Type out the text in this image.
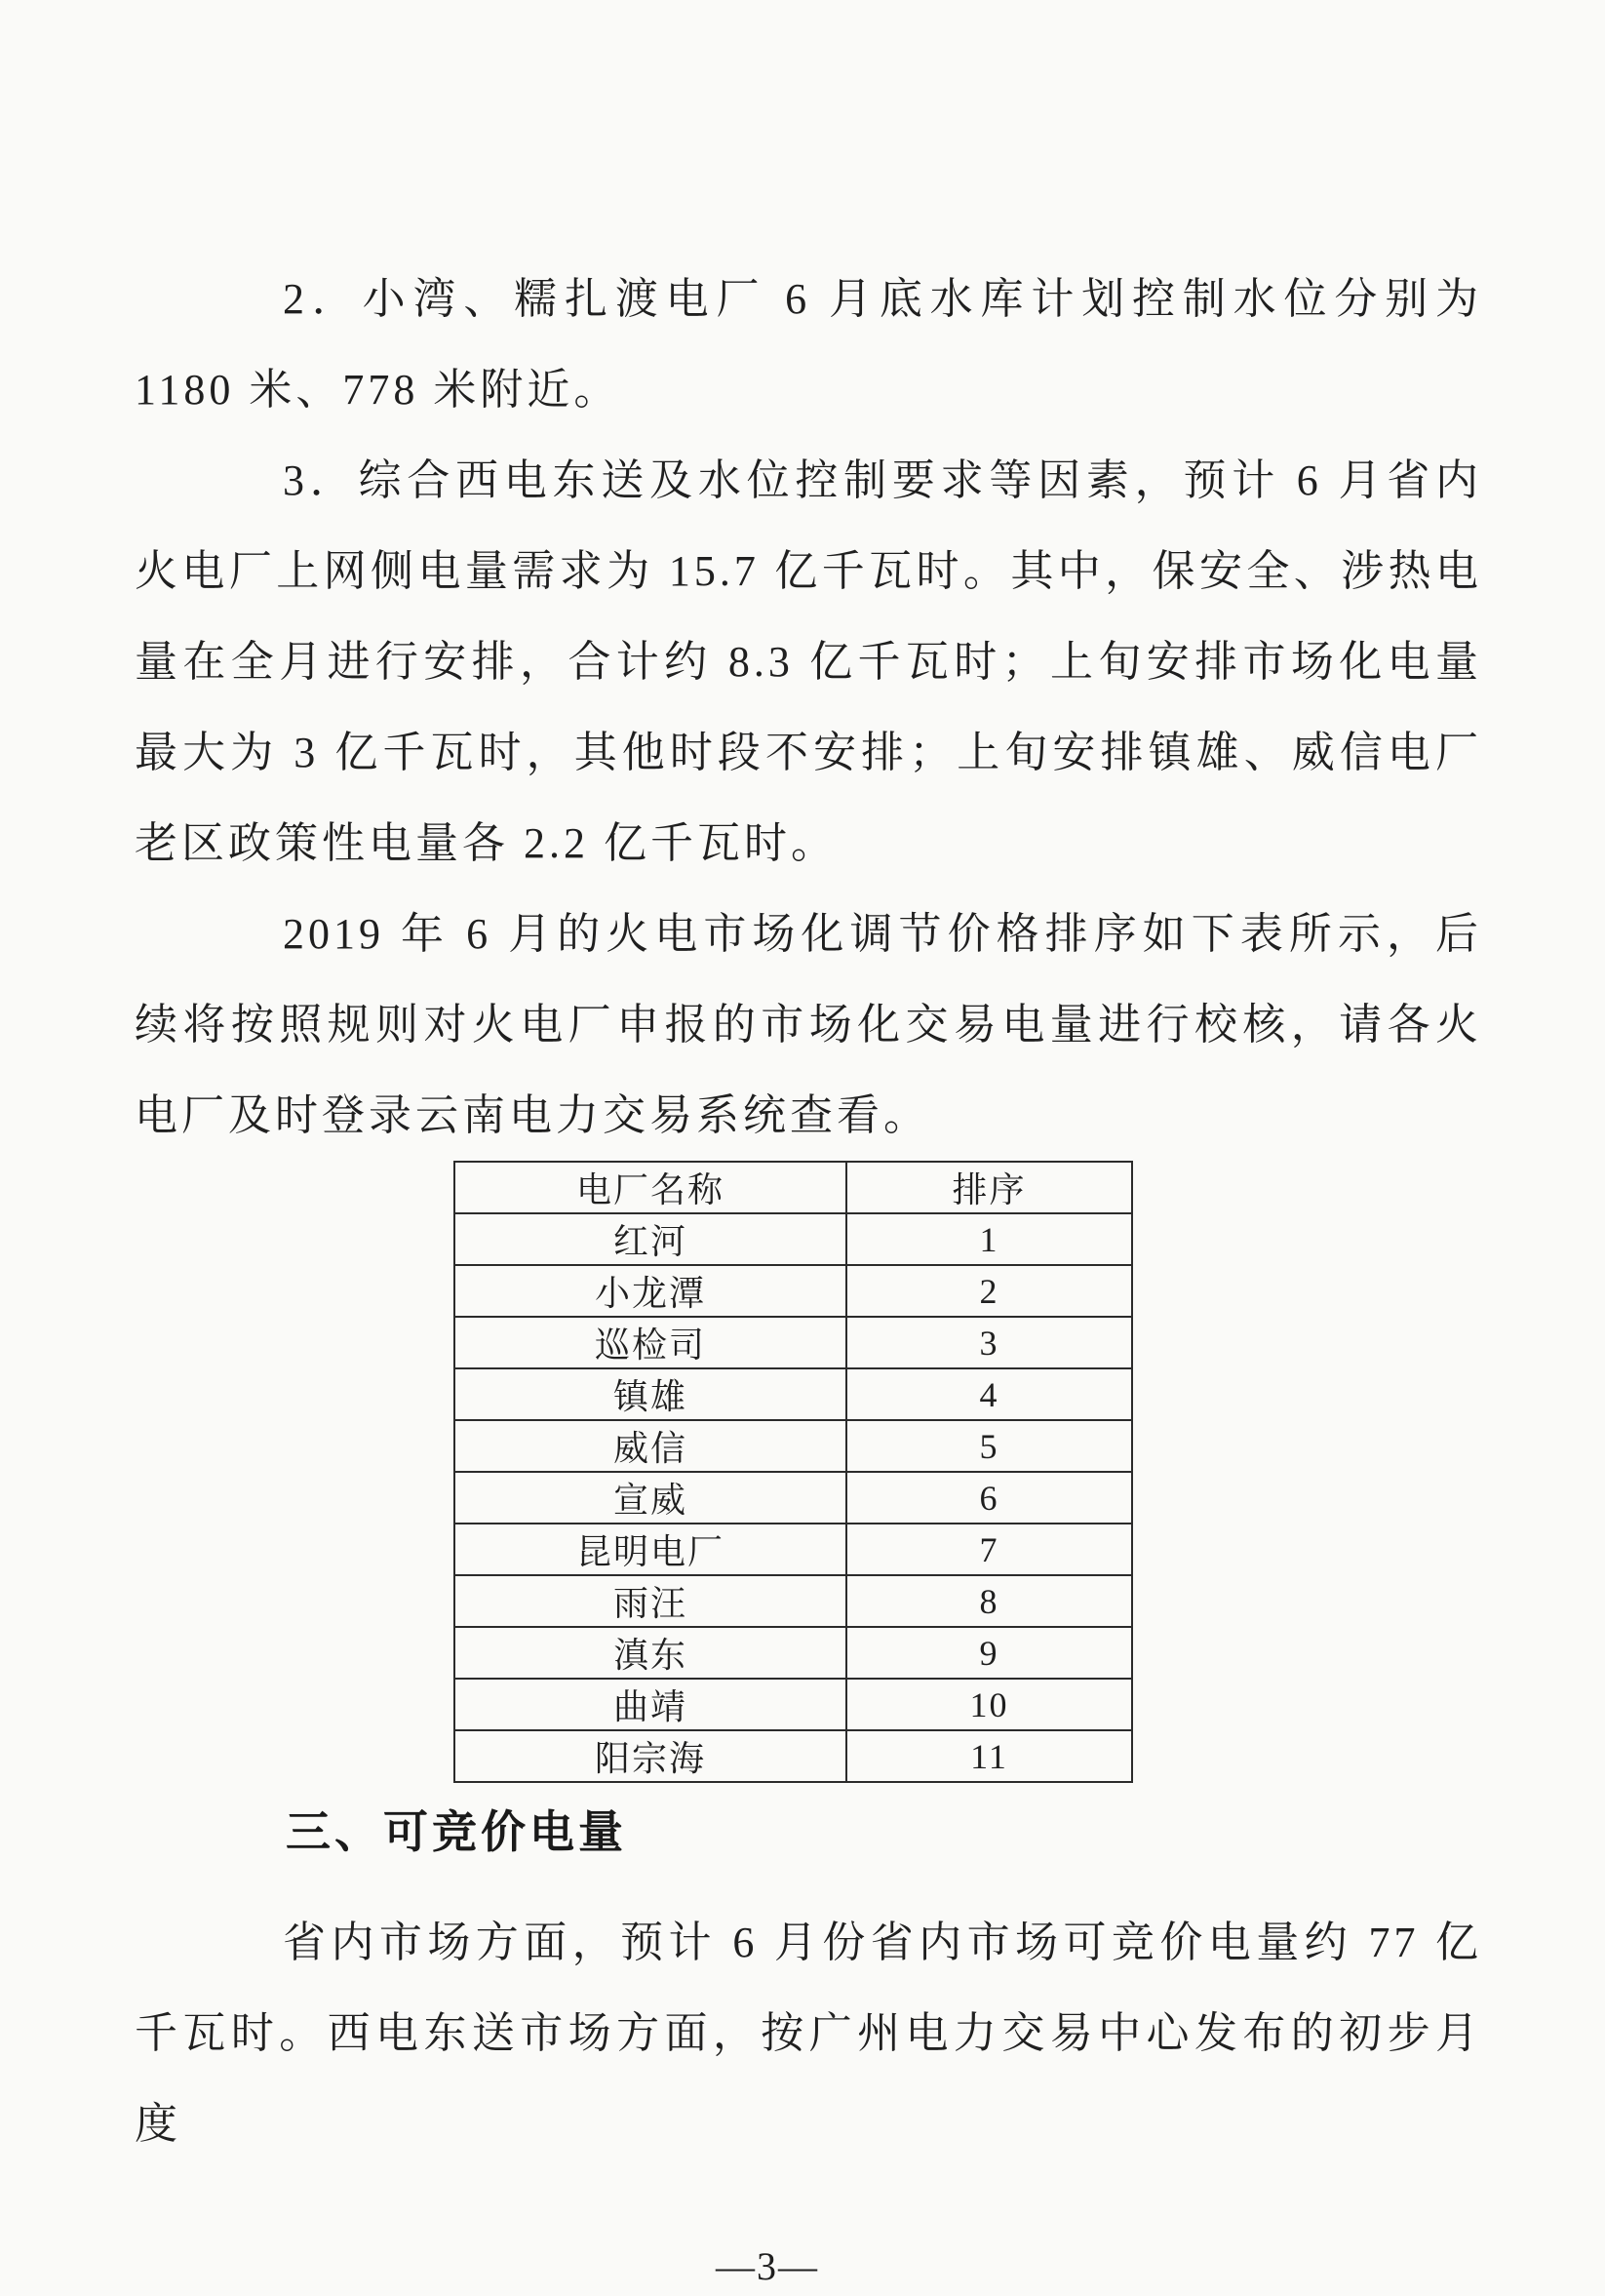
2．小湾、糯扎渡电厂 6 月底水库计划控制水位分别为 1180 米、778 米附近。

3．综合西电东送及水位控制要求等因素，预计 6 月省内火电厂上网侧电量需求为 15.7 亿千瓦时。其中，保安全、涉热电量在全月进行安排，合计约 8.3 亿千瓦时；上旬安排市场化电量最大为 3 亿千瓦时，其他时段不安排；上旬安排镇雄、威信电厂老区政策性电量各 2.2 亿千瓦时。

2019 年 6 月的火电市场化调节价格排序如下表所示，后续将按照规则对火电厂申报的市场化交易电量进行校核，请各火电厂及时登录云南电力交易系统查看。

电厂名称	排序
红河	1
小龙潭	2
巡检司	3
镇雄	4
威信	5
宣威	6
昆明电厂	7
雨汪	8
滇东	9
曲靖	10
阳宗海	11
三、可竞价电量

省内市场方面，预计 6 月份省内市场可竞价电量约 77 亿千瓦时。西电东送市场方面，按广州电力交易中心发布的初步月度

—3—
